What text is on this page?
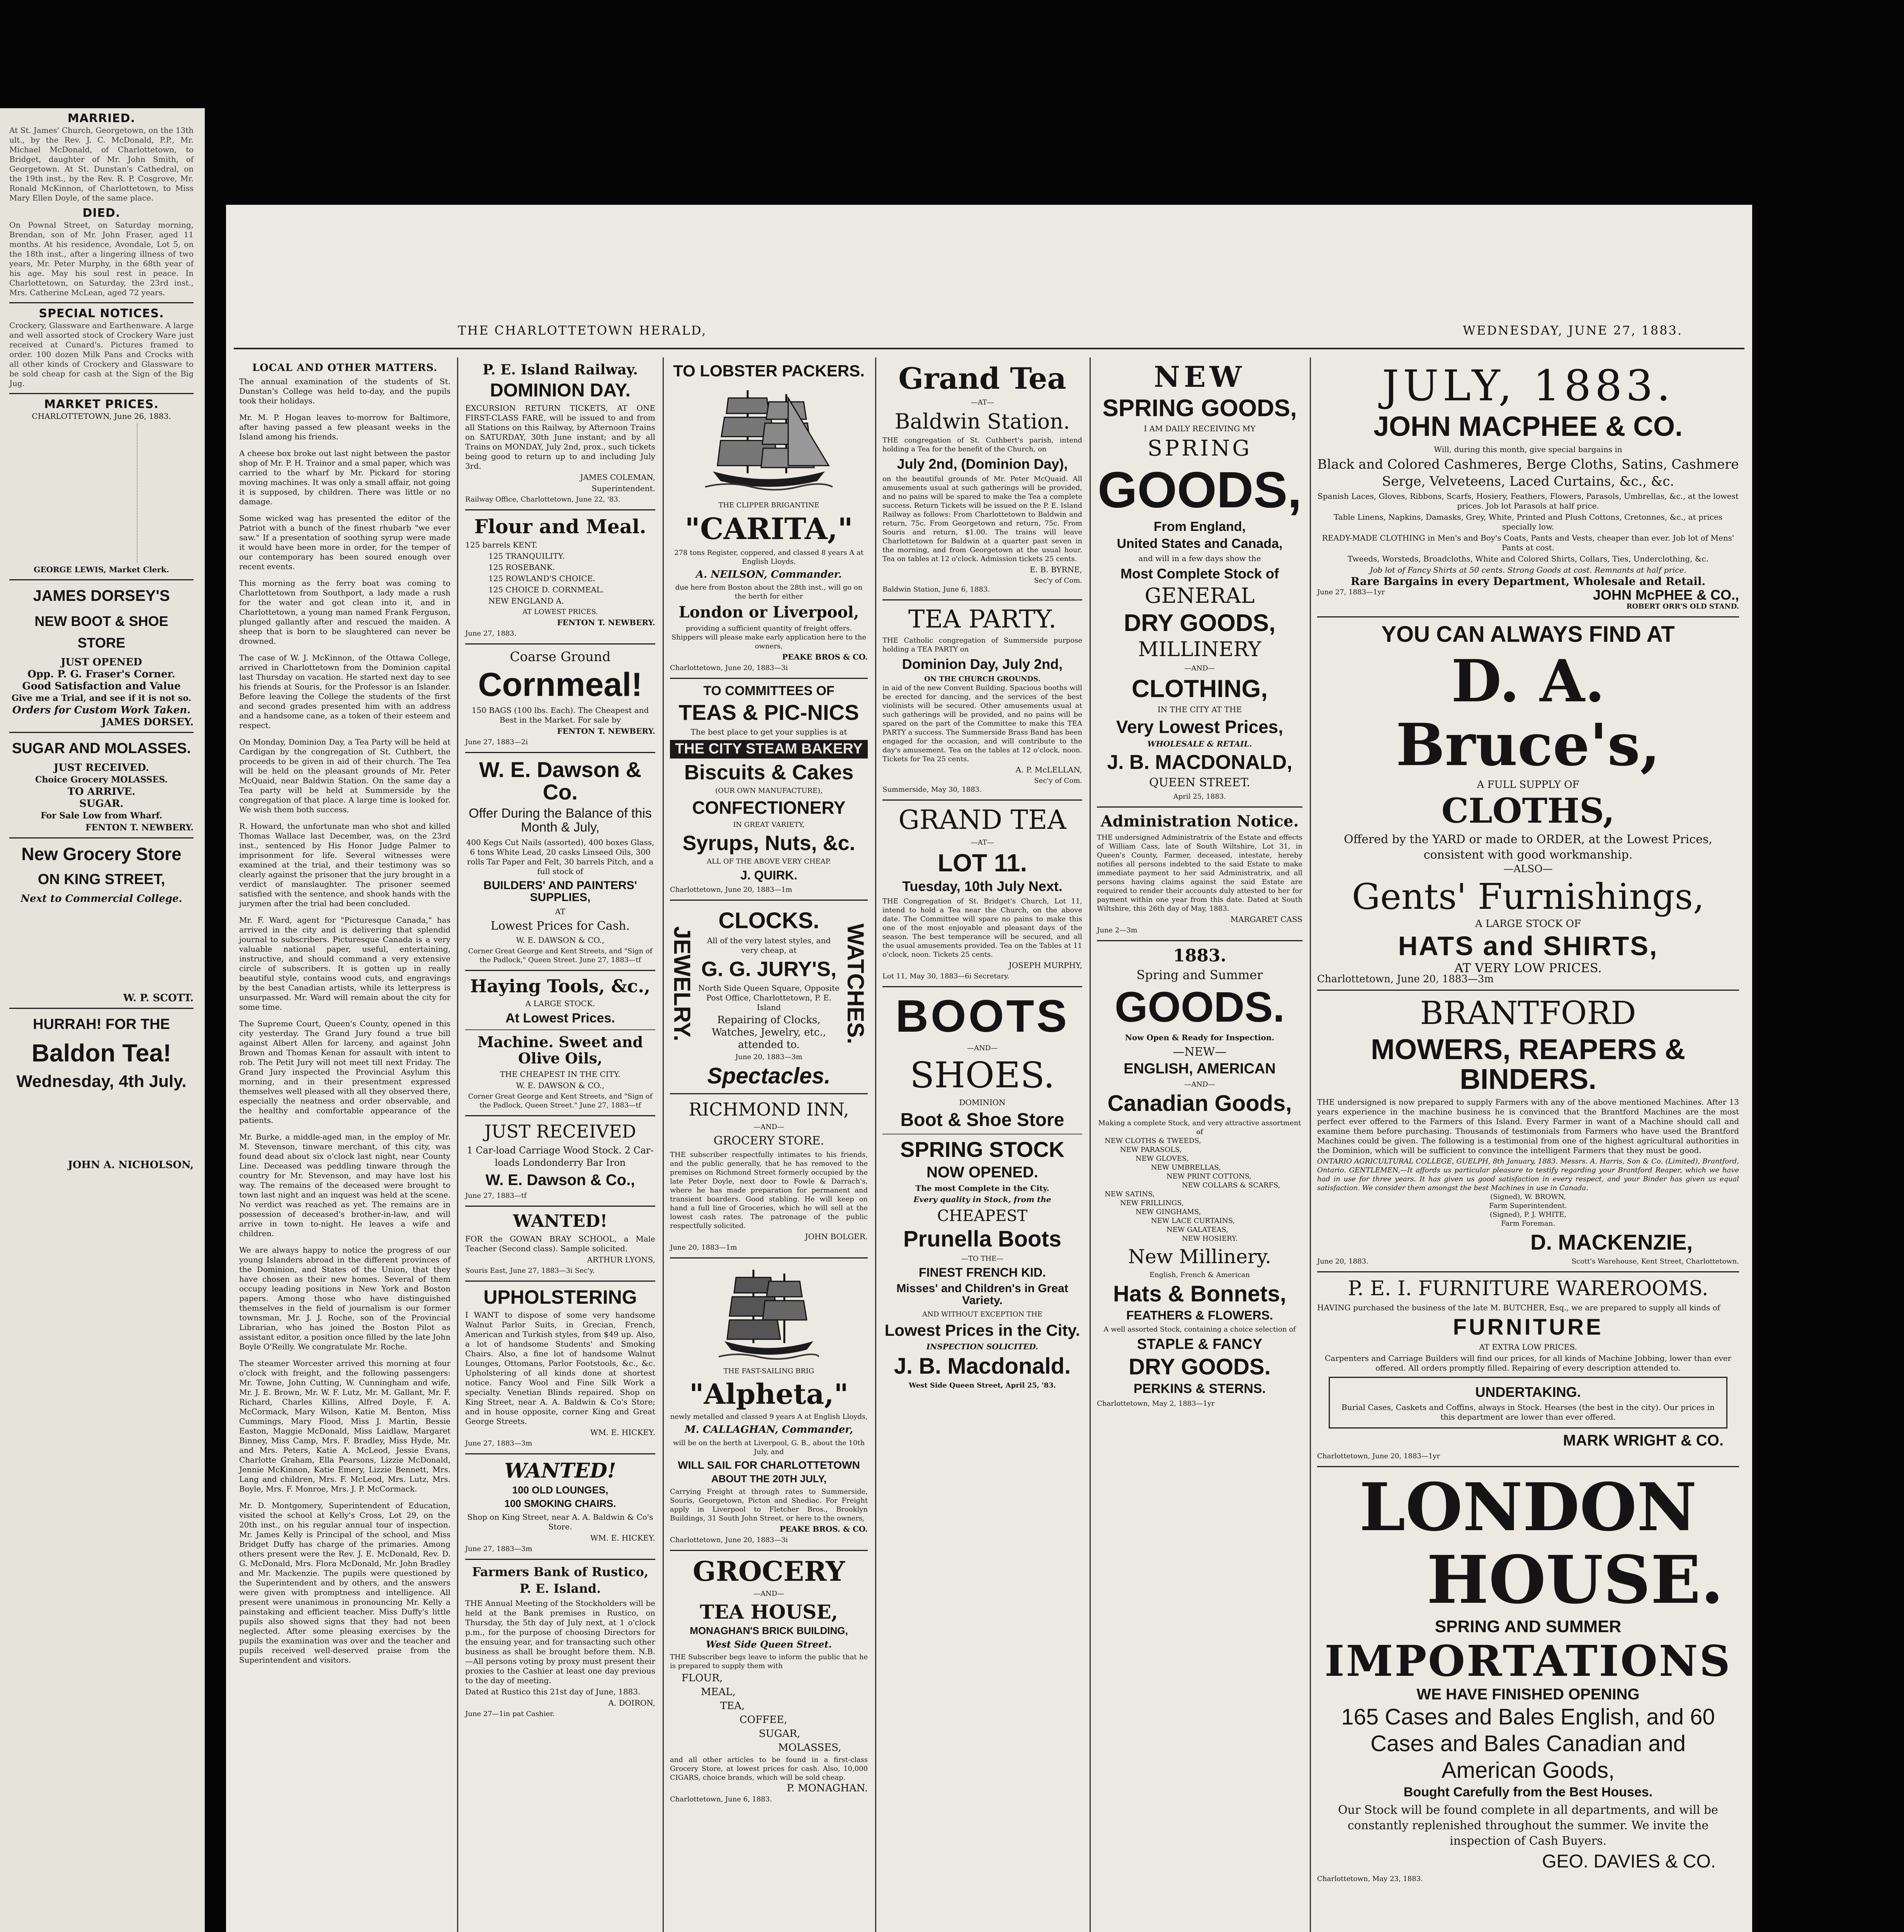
MARRIED.
At St. James' Church, Georgetown, on the 13th ult., by the Rev. J. C. McDonald, P.P., Mr. Michael McDonald, of Charlottetown, to Bridget, daughter of Mr. John Smith, of Georgetown. At St. Dunstan's Cathedral, on the 19th inst., by the Rev. R. P. Cosgrove, Mr. Ronald McKinnon, of Charlottetown, to Miss Mary Ellen Doyle, of the same place.
DIED.
On Pownal Street, on Saturday morning, Brendan, son of Mr. John Fraser, aged 11 months. At his residence, Avondale, Lot 5, on the 18th inst., after a lingering illness of two years, Mr. Peter Murphy, in the 68th year of his age. May his soul rest in peace. In Charlottetown, on Saturday, the 23rd inst., Mrs. Catherine McLean, aged 72 years.
SPECIAL NOTICES.
Crockery, Glassware and Earthenware. A large and well assorted stock of Crockery Ware just received at Cunard's. Pictures framed to order. 100 dozen Milk Pans and Crocks with all other kinds of Crockery and Glassware to be sold cheap for cash at the Sign of the Big Jug.
MARKET PRICES.
CHARLOTTETOWN, June 26, 1883.
GEORGE LEWIS, Market Clerk.
JAMES DORSEY'S
NEW BOOT & SHOE STORE
JUST OPENED
Opp. P. G. Fraser's Corner.
Good Satisfaction and Value
Give me a Trial, and see if it is not so.
Orders for Custom Work Taken.
JAMES DORSEY.
SUGAR AND MOLASSES.
JUST RECEIVED.
Choice Grocery MOLASSES.
TO ARRIVE.
SUGAR.
For Sale Low from Wharf.
FENTON T. NEWBERY.
New Grocery Store
ON KING STREET,
Next to Commercial College.
W. P. SCOTT.
HURRAH! FOR THE
Baldon Tea!
Wednesday, 4th July.
JOHN A. NICHOLSON,
THE CHARLOTTETOWN HERALD,	WEDNESDAY, JUNE 27, 1883.
LOCAL AND OTHER MATTERS.
The annual examination of the students of St. Dunstan's College was held to-day, and the pupils took their holidays.
Mr. M. P. Hogan leaves to-morrow for Baltimore, after having passed a few pleasant weeks in the Island among his friends.
A cheese box broke out last night between the pastor shop of Mr. P. H. Trainor and a smal paper, which was carried to the wharf by Mr. Pickard for storing moving machines. It was only a small affair, not going it is supposed, by children. There was little or no damage.
Some wicked wag has presented the editor of the Patriot with a bunch of the finest rhubarb "we ever saw." If a presentation of soothing syrup were made it would have been more in order, for the temper of our contemporary has been soured enough over recent events.
This morning as the ferry boat was coming to Charlottetown from Southport, a lady made a rush for the water and got clean into it, and in Charlottetown, a young man named Frank Ferguson, plunged gallantly after and rescued the maiden. A sheep that is born to be slaughtered can never be drowned.
The case of W. J. McKinnon, of the Ottawa College, arrived in Charlottetown from the Dominion capital last Thursday on vacation. He started next day to see his friends at Souris, for the Professor is an Islander. Before leaving the College the students of the first and second grades presented him with an address and a handsome cane, as a token of their esteem and respect.
On Monday, Dominion Day, a Tea Party will be held at Cardigan by the congregation of St. Cuthbert, the proceeds to be given in aid of their church. The Tea will be held on the pleasant grounds of Mr. Peter McQuaid, near Baldwin Station. On the same day a Tea party will be held at Summerside by the congregation of that place. A large time is looked for. We wish them both success.
R. Howard, the unfortunate man who shot and killed Thomas Wallace last December, was, on the 23rd inst., sentenced by His Honor Judge Palmer to imprisonment for life. Several witnesses were examined at the trial, and their testimony was so clearly against the prisoner that the jury brought in a verdict of manslaughter. The prisoner seemed satisfied with the sentence, and shook hands with the jurymen after the trial had been concluded.
Mr. F. Ward, agent for "Picturesque Canada," has arrived in the city and is delivering that splendid journal to subscribers. Picturesque Canada is a very valuable national paper, useful, entertaining, instructive, and should command a very extensive circle of subscribers. It is gotten up in really beautiful style, contains wood cuts, and engravings by the best Canadian artists, while its letterpress is unsurpassed. Mr. Ward will remain about the city for some time.
The Supreme Court, Queen's County, opened in this city yesterday. The Grand Jury found a true bill against Albert Allen for larceny, and against John Brown and Thomas Kenan for assault with intent to rob. The Petit Jury will not meet till next Friday. The Grand Jury inspected the Provincial Asylum this morning, and in their presentment expressed themselves well pleased with all they observed there, especially the neatness and order observable, and the healthy and comfortable appearance of the patients.
Mr. Burke, a middle-aged man, in the employ of Mr. M. Stevenson, tinware merchant, of this city, was found dead about six o'clock last night, near County Line. Deceased was peddling tinware through the country for Mr. Stevenson, and may have lost his way. The remains of the deceased were brought to town last night and an inquest was held at the scene. No verdict was reached as yet. The remains are in possession of deceased's brother-in-law, and will arrive in town to-night. He leaves a wife and children.
We are always happy to notice the progress of our young Islanders abroad in the different provinces of the Dominion, and States of the Union, that they have chosen as their new homes. Several of them occupy leading positions in New York and Boston papers. Among those who have distinguished themselves in the field of journalism is our former townsman, Mr. J. J. Roche, son of the Provincial Librarian, who has joined the Boston Pilot as assistant editor, a position once filled by the late John Boyle O'Reilly. We congratulate Mr. Roche.
The steamer Worcester arrived this morning at four o'clock with freight, and the following passengers: Mr. Towne, John Cutting, W. Cunningham and wife, Mr. J. E. Brown, Mr. W. F. Lutz, Mr. M. Gallant, Mr. F. Richard, Charles Killins, Alfred Doyle, F. A. McCormack, Mary Wilson, Katie M. Benton, Miss Cummings, Mary Flood, Miss J. Martin, Bessie Easton, Maggie McDonald, Miss Laidlaw, Margaret Binney, Miss Camp, Mrs. F. Bradley, Miss Hyde, Mr. and Mrs. Peters, Katie A. McLeod, Jessie Evans, Charlotte Graham, Ella Pearsons, Lizzie McDonald, Jennie McKinnon, Katie Emery, Lizzie Bennett, Mrs. Lang and children, Mrs. F. McLeod, Mrs. Lutz, Mrs. Boyle, Mrs. F. Monroe, Mrs. J. P. McCormack.
Mr. D. Montgomery, Superintendent of Education, visited the school at Kelly's Cross, Lot 29, on the 20th inst., on his regular annual tour of inspection. Mr. James Kelly is Principal of the school, and Miss Bridget Duffy has charge of the primaries. Among others present were the Rev. J. E. McDonald, Rev. D. G. McDonald, Mrs. Flora McDonald, Mr. John Bradley and Mr. Mackenzie. The pupils were questioned by the Superintendent and by others, and the answers were given with promptness and intelligence. All present were unanimous in pronouncing Mr. Kelly a painstaking and efficient teacher. Miss Duffy's little pupils also showed signs that they had not been neglected. After some pleasing exercises by the pupils the examination was over and the teacher and pupils received well-deserved praise from the Superintendent and visitors.
P. E. Island Railway.
DOMINION DAY.
EXCURSION RETURN TICKETS, AT ONE FIRST-CLASS FARE, will be issued to and from all Stations on this Railway, by Afternoon Trains on SATURDAY, 30th June instant; and by all Trains on MONDAY, July 2nd, prox., such tickets being good to return up to and including July 3rd.
JAMES COLEMAN,
Superintendent.
Railway Office, Charlottetown, June 22, '83.
Flour and Meal.
125 barrels KENT.
125 TRANQUILITY.
125 ROSEBANK.
125 ROWLAND'S CHOICE.
125 CHOICE D. CORNMEAL.
NEW ENGLAND A.
AT LOWEST PRICES.
FENTON T. NEWBERY.
June 27, 1883.
Coarse Ground
Cornmeal!
150 BAGS (100 lbs. Each). The Cheapest and Best in the Market. For sale by
FENTON T. NEWBERY.
June 27, 1883—2i
W. E. Dawson & Co.
Offer During the Balance of this Month & July,
400 Kegs Cut Nails (assorted), 400 boxes Glass, 6 tons White Lead, 20 casks Linseed Oils, 300 rolls Tar Paper and Felt, 30 barrels Pitch, and a full stock of
BUILDERS' AND PAINTERS' SUPPLIES,
AT
Lowest Prices for Cash.
W. E. DAWSON & CO.,
Corner Great George and Kent Streets, and "Sign of the Padlock," Queen Street. June 27, 1883—tf
Haying Tools, &c.,
A LARGE STOCK.
At Lowest Prices.
Machine. Sweet and Olive Oils,
THE CHEAPEST IN THE CITY.
W. E. DAWSON & CO.,
Corner Great George and Kent Streets, and "Sign of the Padlock, Queen Street." June 27, 1883—tf
JUST RECEIVED
1 Car-load Carriage Wood Stock. 2 Car-loads Londonderry Bar Iron
W. E. Dawson & Co.,
June 27, 1883—tf
WANTED!
FOR the GOWAN BRAY SCHOOL, a Male Teacher (Second class). Sample solicited.
ARTHUR LYONS,
Souris East, June 27, 1883—3i Sec'y.
UPHOLSTERING
I WANT to dispose of some very handsome Walnut Parlor Suits, in Grecian, French, American and Turkish styles, from $49 up. Also, a lot of handsome Students' and Smoking Chairs. Also, a fine lot of handsome Walnut Lounges, Ottomans, Parlor Footstools, &c., &c. Upholstering of all kinds done at shortest notice. Fancy Wool and Fine Silk Work a specialty. Venetian Blinds repaired. Shop on King Street, near A. A. Baldwin & Co's Store; and in house opposite, corner King and Great George Streets.
WM. E. HICKEY.
June 27, 1883—3m
WANTED!
100 OLD LOUNGES,
100 SMOKING CHAIRS.
Shop on King Street, near A. A. Baldwin & Co's Store.
WM. E. HICKEY.
June 27, 1883—3m
Farmers Bank of Rustico,
P. E. Island.
THE Annual Meeting of the Stockholders will be held at the Bank premises in Rustico, on Thursday, the 5th day of July next, at 1 o'clock p.m., for the purpose of choosing Directors for the ensuing year, and for transacting such other business as shall be brought before them. N.B.—All persons voting by proxy must present their proxies to the Cashier at least one day previous to the day of meeting.
Dated at Rustico this 21st day of June, 1883.
A. DOIRON,
June 27—1in pat Cashier.
TO LOBSTER PACKERS.
THE CLIPPER BRIGANTINE
"CARITA,"
278 tons Register, coppered, and classed 8 years A at English Lloyds.
A. NEILSON, Commander.
due here from Boston about the 28th inst., will go on the berth for either
London or Liverpool,
providing a sufficient quantity of freight offers. Shippers will please make early application here to the owners,
PEAKE BROS & CO.
Charlottetown, June 20, 1883—3i
TO COMMITTEES OF
TEAS & PIC-NICS
The best place to get your supplies is at
THE CITY STEAM BAKERY
Biscuits & Cakes
(OUR OWN MANUFACTURE),
CONFECTIONERY
IN GREAT VARIETY,
Syrups, Nuts, &c.
ALL OF THE ABOVE VERY CHEAP.
J. QUIRK.
Charlottetown, June 20, 1883—1m
JEWELRY.
CLOCKS.
All of the very latest styles, and very cheap, at
G. G. JURY'S,
North Side Queen Square, Opposite Post Office, Charlottetown, P. E. Island
Repairing of Clocks, Watches, Jewelry, etc., attended to.
June 20, 1883—3m
WATCHES.
Spectacles.
RICHMOND INN,
—AND—
GROCERY STORE.
THE subscriber respectfully intimates to his friends, and the public generally, that he has removed to the premises on Richmond Street formerly occupied by the late Peter Doyle, next door to Fowle & Darrach's, where he has made preparation for permanent and transient boarders. Good stabling. He will keep on hand a full line of Groceries, which he will sell at the lowest cash rates. The patronage of the public respectfully solicited.
JOHN BOLGER.
June 20, 1883—1m
THE FAST-SAILING BRIG
"Alpheta,"
newly metalled and classed 9 years A at English Lloyds,
M. CALLAGHAN, Commander,
will be on the berth at Liverpool, G. B., about the 10th July, and
WILL SAIL FOR CHARLOTTETOWN
ABOUT THE 20TH JULY,
Carrying Freight at through rates to Summerside, Souris, Georgetown, Picton and Shediac. For Freight apply in Liverpool to Fletcher Bros., Brooklyn Buildings, 31 South John Street, or here to the owners,
PEAKE BROS. & CO.
Charlottetown, June 20, 1883—3i
GROCERY
—AND—
TEA HOUSE,
MONAGHAN'S BRICK BUILDING,
West Side Queen Street.
THE Subscriber begs leave to inform the public that he is prepared to supply them with
FLOUR,
MEAL,
TEA,
COFFEE,
SUGAR,
MOLASSES,
and all other articles to be found in a first-class Grocery Store, at lowest prices for cash. Also, 10,000 CIGARS, choice brands, which will be sold cheap.
P. MONAGHAN.
Charlottetown, June 6, 1883.
Grand Tea
—AT—
Baldwin Station.
THE congregation of St. Cuthbert's parish, intend holding a Tea for the benefit of the Church, on
July 2nd, (Dominion Day),
on the beautiful grounds of Mr. Peter McQuaid. All amusements usual at such gatherings will be provided, and no pains will be spared to make the Tea a complete success. Return Tickets will be issued on the P. E. Island Railway as follows: From Charlottetown to Baldwin and return, 75c. From Georgetown and return, 75c. From Souris and return, $1.00. The trains will leave Charlottetown for Baldwin at a quarter past seven in the morning, and from Georgetown at the usual hour. Tea on tables at 12 o'clock. Admission tickets 25 cents.
E. B. BYRNE,
Sec'y of Com.
Baldwin Station, June 6, 1883.
TEA PARTY.
THE Catholic congregation of Summerside purpose holding a TEA PARTY on
Dominion Day, July 2nd,
ON THE CHURCH GROUNDS.
in aid of the new Convent Building. Spacious booths will be erected for dancing, and the services of the best violinists will be secured. Other amusements usual at such gatherings will be provided, and no pains will be spared on the part of the Committee to make this TEA PARTY a success. The Summerside Brass Band has been engaged for the occasion, and will contribute to the day's amusement. Tea on the tables at 12 o'clock, noon. Tickets for Tea 25 cents.
A. P. McLELLAN,
Sec'y of Com.
Summerside, May 30, 1883.
GRAND TEA
—AT—
LOT 11.
Tuesday, 10th July Next.
THE Congregation of St. Bridget's Church, Lot 11, intend to hold a Tea near the Church, on the above date. The Committee will spare no pains to make this one of the most enjoyable and pleasant days of the season. The best temperance will be secured, and all the usual amusements provided. Tea on the Tables at 11 o'clock, noon. Tickets 25 cents.
JOSEPH MURPHY,
Lot 11, May 30, 1883—6i Secretary.
BOOTS
—AND—
SHOES.
DOMINION
Boot & Shoe Store
SPRING STOCK
NOW OPENED.
The most Complete in the City.
Every quality in Stock, from the
CHEAPEST
Prunella Boots
—TO THE—
FINEST FRENCH KID.
Misses' and Children's in Great Variety.
AND WITHOUT EXCEPTION THE
Lowest Prices in the City.
INSPECTION SOLICITED.
J. B. Macdonald.
West Side Queen Street, April 25, '83.
NEW
SPRING GOODS,
I AM DAILY RECEIVING MY
SPRING
GOODS,
From England,
United States and Canada,
and will in a few days show the
Most Complete Stock of
GENERAL
DRY GOODS,
MILLINERY
—AND—
CLOTHING,
IN THE CITY AT THE
Very Lowest Prices,
WHOLESALE & RETAIL.
J. B. MACDONALD,
QUEEN STREET.
April 25, 1883.
Administration Notice.
THE undersigned Administratrix of the Estate and effects of William Cass, late of South Wiltshire, Lot 31, in Queen's County, Farmer, deceased, intestate, hereby notifies all persons indebted to the said Estate to make immediate payment to her said Administratrix, and all persons having claims against the said Estate are required to render their accounts duly attested to her for payment within one year from this date. Dated at South Wiltshire, this 26th day of May, 1883.
MARGARET CASS
June 2—3m
1883.
Spring and Summer
GOODS.
Now Open & Ready for Inspection.
—NEW—
ENGLISH, AMERICAN
—AND—
Canadian Goods,
Making a complete Stock, and very attractive assortment of
NEW CLOTHS & TWEEDS,
NEW PARASOLS,
NEW GLOVES,
NEW UMBRELLAS,
NEW PRINT COTTONS,
NEW COLLARS & SCARFS,
NEW SATINS,
NEW FRILLINGS,
NEW GINGHAMS,
NEW LACE CURTAINS,
NEW GALATEAS,
NEW HOSIERY.
New Millinery.
English, French & American
Hats & Bonnets,
FEATHERS & FLOWERS.
A well assorted Stock, containing a choice selection of
STAPLE & FANCY
DRY GOODS.
PERKINS & STERNS.
Charlottetown, May 2, 1883—1yr
JULY, 1883.
JOHN MACPHEE & CO.
Will, during this month, give special bargains in
Black and Colored Cashmeres, Berge Cloths, Satins, Cashmere Serge, Velveteens, Laced Curtains, &c., &c.
Spanish Laces, Gloves, Ribbons, Scarfs, Hosiery, Feathers, Flowers, Parasols, Umbrellas, &c., at the lowest prices. Job lot Parasols at half price.
Table Linens, Napkins, Damasks, Grey, White, Printed and Plush Cottons, Cretonnes, &c., at prices specially low.
READY-MADE CLOTHING in Men's and Boy's Coats, Pants and Vests, cheaper than ever. Job lot of Mens' Pants at cost.
Tweeds, Worsteds, Broadcloths, White and Colored Shirts, Collars, Ties, Underclothing, &c.
Job lot of Fancy Shirts at 50 cents. Strong Goods at cost. Remnants at half price.
Rare Bargains in every Department, Wholesale and Retail.
June 27, 1883—1yr	JOHN McPHEE & CO.,
ROBERT ORR'S OLD STAND.
YOU CAN ALWAYS FIND AT
D. A. Bruce's,
A FULL SUPPLY OF
CLOTHS,
Offered by the YARD or made to ORDER, at the Lowest Prices, consistent with good workmanship.
—ALSO—
Gents' Furnishings,
A LARGE STOCK OF
HATS and SHIRTS,
AT VERY LOW PRICES.
Charlottetown, June 20, 1883—3m
BRANTFORD
MOWERS, REAPERS & BINDERS.
THE undersigned is now prepared to supply Farmers with any of the above mentioned Machines. After 13 years experience in the machine business he is convinced that the Brantford Machines are the most perfect ever offered to the Farmers of this Island. Every Farmer in want of a Machine should call and examine them before purchasing. Thousands of testimonials from Farmers who have used the Brantford Machines could be given. The following is a testimonial from one of the highest agricultural authorities in the Dominion, which will be sufficient to convince the intelligent Farmers that they must be good.
ONTARIO AGRICULTURAL COLLEGE, GUELPH, 8th January, 1883. Messrs. A. Harris, Son & Co. (Limited), Brantford, Ontario. GENTLEMEN,—It affords us particular pleasure to testify regarding your Brantford Reaper, which we have had in use for three years. It has given us good satisfaction in every respect, and your Binder has given us equal satisfaction. We consider them amongst the best Machines in use in Canada.
(Signed), W. BROWN,
Farm Superintendent.
(Signed), P. J. WHITE,
Farm Foreman.
D. MACKENZIE,
June 20, 1883.	Scott's Warehouse, Kent Street, Charlottetown.
P. E. I. FURNITURE WAREROOMS.
HAVING purchased the business of the late M. BUTCHER, Esq., we are prepared to supply all kinds of
FURNITURE
AT EXTRA LOW PRICES.
Carpenters and Carriage Builders will find our prices, for all kinds of Machine Jobbing, lower than ever offered. All orders promptly filled. Repairing of every description attended to.
UNDERTAKING.
Burial Cases, Caskets and Coffins, always in Stock. Hearses (the best in the city). Our prices in this department are lower than ever offered.
MARK WRIGHT & CO.
Charlottetown, June 20, 1883—1yr
LONDON
HOUSE.
SPRING AND SUMMER
IMPORTATIONS
WE HAVE FINISHED OPENING
165 Cases and Bales English, and 60
Cases and Bales Canadian and
American Goods,
Bought Carefully from the Best Houses.
Our Stock will be found complete in all departments, and will be constantly replenished throughout the summer. We invite the inspection of Cash Buyers.
GEO. DAVIES & CO.
Charlottetown, May 23, 1883.
